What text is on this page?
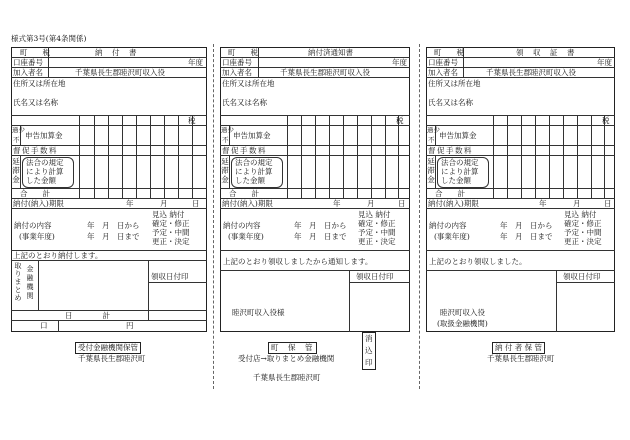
様式第3号(第4条関係)
町　　税	納　付　書
口座番号	年度
加入者名	千葉県長生郡睦沢町収入役
住所又は所在地
氏名又は名称
税
過少
不 申告加算金
督促手数料
延滞金
法合の規定
により計算
した金額
合　　計
納付(納入)期限	年	月	日
納付の内容
(事業年度)
年　月　日から
年　月　日まで
見込 納付
確定・修正
予定・中間
更正・決定
上記のとおり納付します。
取りまとめ
金融機関
領収日付印
日　　　　計
口	円
受付金融機関保管
千葉県長生郡睦沢町
町　　税	納付済通知書
口座番号	年度
加入者名	千葉県長生郡睦沢町収入役
住所又は所在地
氏名又は名称
税
過少
不 申告加算金
督促手数料
延滞金
法合の規定
により計算
した金額
合　　計
納付(納入)期限	年	月	日
納付の内容
(事業年度)
年　月　日から
年　月　日まで
見込 納付
確定・修正
予定・中間
更正・決定
上記のとおり領収しましたから通知します。
領収日付印
睦沢町収入役様
消
込
印
町　保　管
受付店→取りまとめ金融機関
千葉県長生郡睦沢町
町　　税	領　収　証　書
口座番号	年度
加入者名	千葉県長生郡睦沢町収入役
住所又は所在地
氏名又は名称
税
過少
不 申告加算金
督促手数料
延滞金
法合の規定
により計算
した金額
合　　計
納付(納入)期限	年	月	日
納付の内容
(事業年度)
年　月　日から
年　月　日まで
見込 納付
確定・修正
予定・中間
更正・決定
上記のとおり領収しました。
領収日付印
睦沢町収入役
(取扱金融機関)
納 付 者 保 管
千葉県長生郡睦沢町
